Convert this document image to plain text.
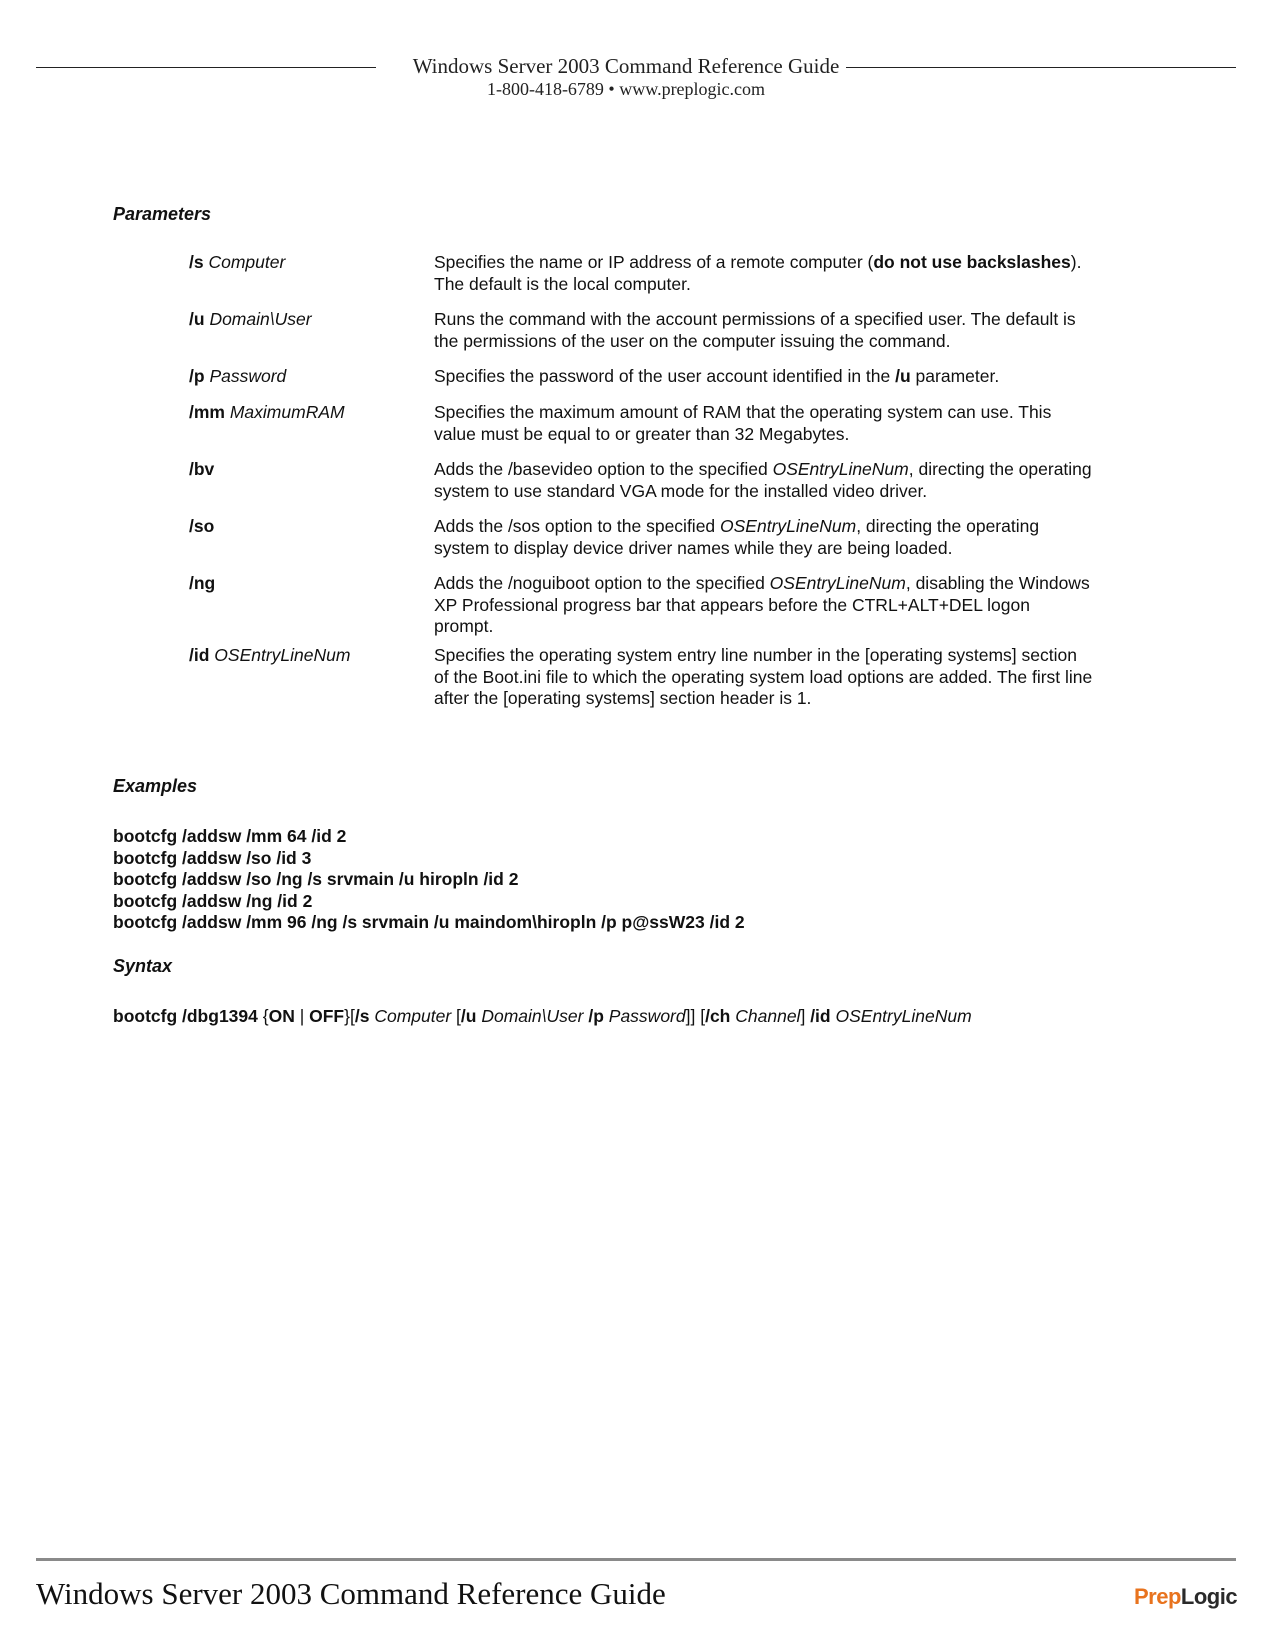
Windows Server 2003 Command Reference Guide
1-800-418-6789 • www.preplogic.com
Parameters
/s Computer	Specifies the name or IP address of a remote computer (do not use backslashes). The default is the local computer.
/u Domain\User	Runs the command with the account permissions of a specified user. The default is the permissions of the user on the computer issuing the command.
/p Password	Specifies the password of the user account identified in the /u parameter.
/mm MaximumRAM	Specifies the maximum amount of RAM that the operating system can use. This value must be equal to or greater than 32 Megabytes.
/bv	Adds the /basevideo option to the specified OSEntryLineNum, directing the operating system to use standard VGA mode for the installed video driver.
/so	Adds the /sos option to the specified OSEntryLineNum, directing the operating system to display device driver names while they are being loaded.
/ng	Adds the /noguiboot option to the specified OSEntryLineNum, disabling the Windows XP Professional progress bar that appears before the CTRL+ALT+DEL logon prompt.
/id OSEntryLineNum	Specifies the operating system entry line number in the [operating systems] section of the Boot.ini file to which the operating system load options are added. The first line after the [operating systems] section header is 1.
Examples
bootcfg /addsw /mm 64 /id 2
bootcfg /addsw /so /id 3
bootcfg /addsw /so /ng /s srvmain /u hiropln /id 2
bootcfg /addsw /ng /id 2
bootcfg /addsw /mm 96 /ng /s srvmain /u maindom\hiropln /p p@ssW23 /id 2
Syntax
bootcfg /dbg1394 {ON | OFF}[/s Computer [/u Domain\User /p Password]] [/ch Channel] /id OSEntryLineNum
Windows Server 2003 Command Reference Guide	PrepLogic
